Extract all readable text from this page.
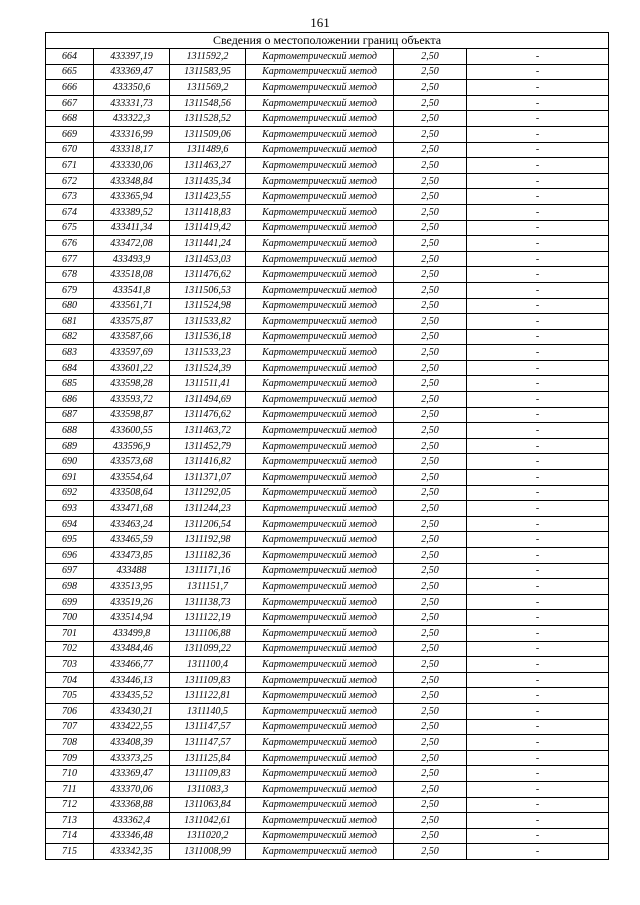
161
Сведения о местоположении границ объекта					
664	433397,19	1311592,2	Картометрический метод	2,50	-
665	433369,47	1311583,95	Картометрический метод	2,50	-
666	433350,6	1311569,2	Картометрический метод	2,50	-
667	433331,73	1311548,56	Картометрический метод	2,50	-
668	433322,3	1311528,52	Картометрический метод	2,50	-
669	433316,99	1311509,06	Картометрический метод	2,50	-
670	433318,17	1311489,6	Картометрический метод	2,50	-
671	433330,06	1311463,27	Картометрический метод	2,50	-
672	433348,84	1311435,34	Картометрический метод	2,50	-
673	433365,94	1311423,55	Картометрический метод	2,50	-
674	433389,52	1311418,83	Картометрический метод	2,50	-
675	433411,34	1311419,42	Картометрический метод	2,50	-
676	433472,08	1311441,24	Картометрический метод	2,50	-
677	433493,9	1311453,03	Картометрический метод	2,50	-
678	433518,08	1311476,62	Картометрический метод	2,50	-
679	433541,8	1311506,53	Картометрический метод	2,50	-
680	433561,71	1311524,98	Картометрический метод	2,50	-
681	433575,87	1311533,82	Картометрический метод	2,50	-
682	433587,66	1311536,18	Картометрический метод	2,50	-
683	433597,69	1311533,23	Картометрический метод	2,50	-
684	433601,22	1311524,39	Картометрический метод	2,50	-
685	433598,28	1311511,41	Картометрический метод	2,50	-
686	433593,72	1311494,69	Картометрический метод	2,50	-
687	433598,87	1311476,62	Картометрический метод	2,50	-
688	433600,55	1311463,72	Картометрический метод	2,50	-
689	433596,9	1311452,79	Картометрический метод	2,50	-
690	433573,68	1311416,82	Картометрический метод	2,50	-
691	433554,64	1311371,07	Картометрический метод	2,50	-
692	433508,64	1311292,05	Картометрический метод	2,50	-
693	433471,68	1311244,23	Картометрический метод	2,50	-
694	433463,24	1311206,54	Картометрический метод	2,50	-
695	433465,59	1311192,98	Картометрический метод	2,50	-
696	433473,85	1311182,36	Картометрический метод	2,50	-
697	433488	1311171,16	Картометрический метод	2,50	-
698	433513,95	1311151,7	Картометрический метод	2,50	-
699	433519,26	1311138,73	Картометрический метод	2,50	-
700	433514,94	1311122,19	Картометрический метод	2,50	-
701	433499,8	1311106,88	Картометрический метод	2,50	-
702	433484,46	1311099,22	Картометрический метод	2,50	-
703	433466,77	1311100,4	Картометрический метод	2,50	-
704	433446,13	1311109,83	Картометрический метод	2,50	-
705	433435,52	1311122,81	Картометрический метод	2,50	-
706	433430,21	1311140,5	Картометрический метод	2,50	-
707	433422,55	1311147,57	Картометрический метод	2,50	-
708	433408,39	1311147,57	Картометрический метод	2,50	-
709	433373,25	1311125,84	Картометрический метод	2,50	-
710	433369,47	1311109,83	Картометрический метод	2,50	-
711	433370,06	1311083,3	Картометрический метод	2,50	-
712	433368,88	1311063,84	Картометрический метод	2,50	-
713	433362,4	1311042,61	Картометрический метод	2,50	-
714	433346,48	1311020,2	Картометрический метод	2,50	-
715	433342,35	1311008,99	Картометрический метод	2,50	-
